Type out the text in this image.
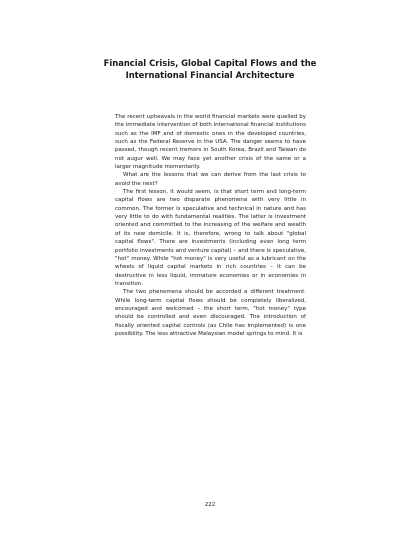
Financial Crisis, Global Capital Flows and the
International Financial Architecture

The recent upheavals in the world financial markets were quelled by the immediate intervention of both international financial institutions such as the IMF and of domestic ones in the developed countries, such as the Federal Reserve in the USA. The danger seems to have passed, though recent tremors in South Korea, Brazil and Taiwan do not augur well. We may face yet another crisis of the same or a larger magnitude momentarily.

What are the lessons that we can derive from the last crisis to avoid the next?

The first lesson, it would seem, is that short term and long-term capital flows are two disparate phenomena with very little in common. The former is speculative and technical in nature and has very little to do with fundamental realities. The latter is investment oriented and committed to the increasing of the welfare and wealth of its new domicile. It is, therefore, wrong to talk about "global capital flows". There are investments (including even long term portfolio investments and venture capital) – and there is speculative, "hot" money. While "hot money" is very useful as a lubricant on the wheels of liquid capital markets in rich countries – it can be destructive in less liquid, immature economies or in economies in transition.

The two phenomena should be accorded a different treatment. While long-term capital flows should be completely liberalized, encouraged and welcomed – the short term, "hot money" type should be controlled and even discouraged. The introduction of fiscally oriented capital controls (as Chile has implemented) is one possibility. The less attractive Malaysian model springs to mind. It is

222
